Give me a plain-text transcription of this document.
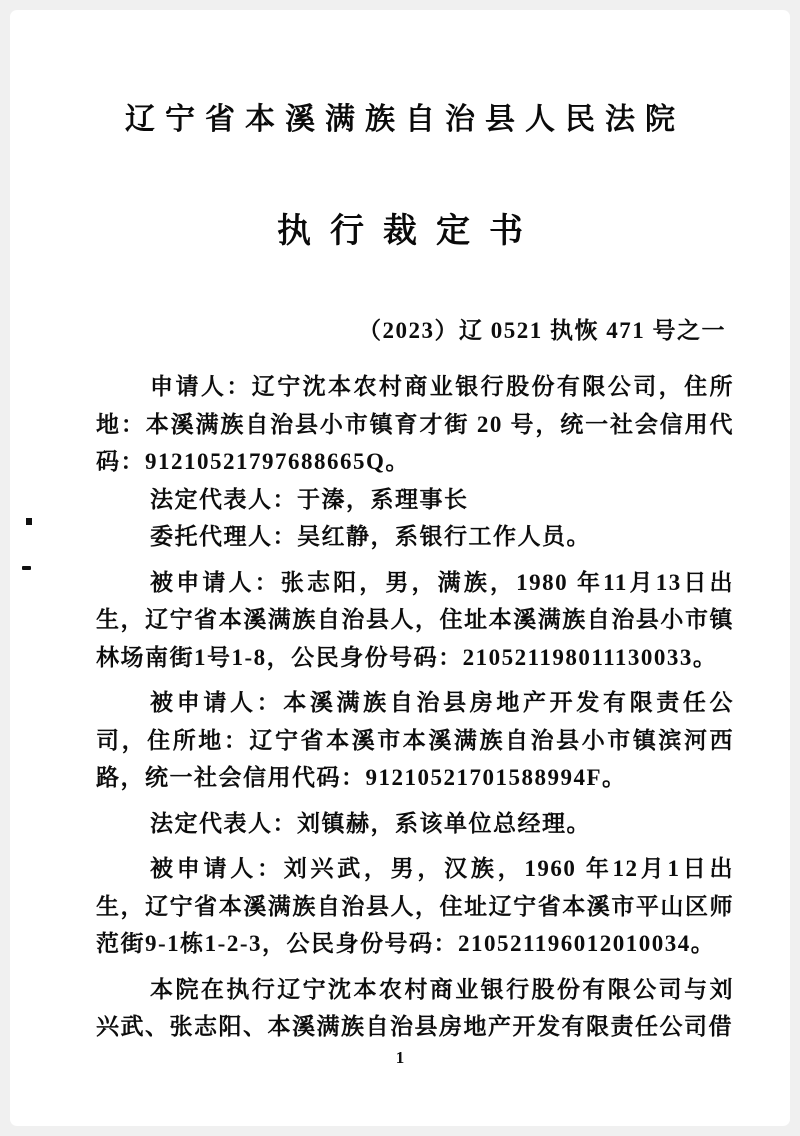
辽宁省本溪满族自治县人民法院
执行裁定书
（2023）辽 0521 执恢 471 号之一

申请人：辽宁沈本农村商业银行股份有限公司，住所地：本溪满族自治县小市镇育才街 20 号，统一社会信用代码：91210521797688665Q。

法定代表人：于溱，系理事长

委托代理人：吴红静，系银行工作人员。

被申请人：张志阳，男，满族，1980 年11月13日出生，辽宁省本溪满族自治县人，住址本溪满族自治县小市镇林场南街1号1-8，公民身份号码：210521198011130033。

被申请人：本溪满族自治县房地产开发有限责任公司，住所地：辽宁省本溪市本溪满族自治县小市镇滨河西路，统一社会信用代码：91210521701588994F。

法定代表人：刘镇赫，系该单位总经理。

被申请人：刘兴武，男，汉族，1960 年12月1日出生，辽宁省本溪满族自治县人，住址辽宁省本溪市平山区师范街9-1栋1-2-3，公民身份号码：210521196012010034。

本院在执行辽宁沈本农村商业银行股份有限公司与刘兴武、张志阳、本溪满族自治县房地产开发有限责任公司借

1
